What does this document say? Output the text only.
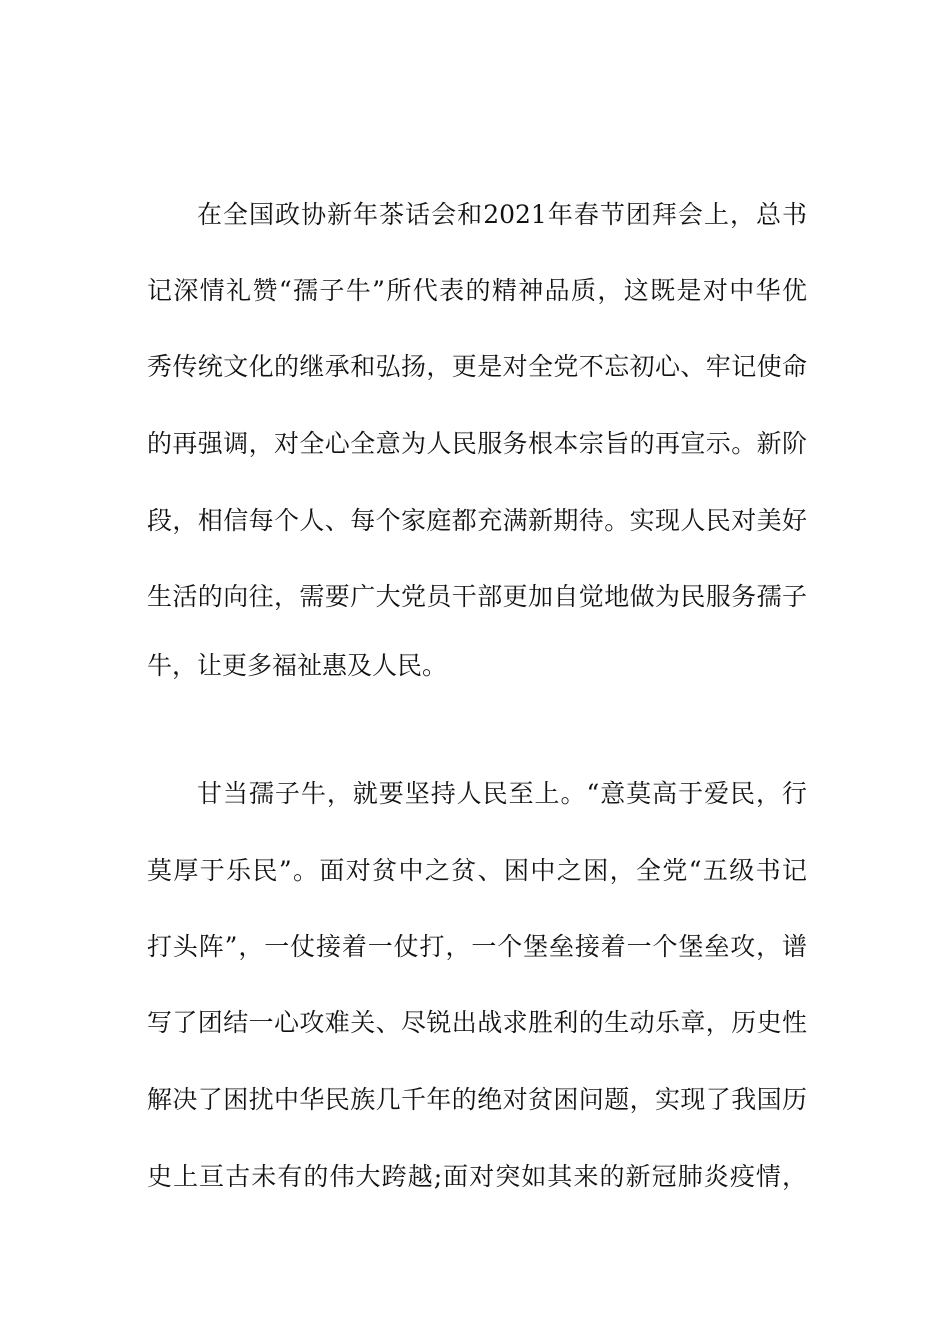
在全国政协新年茶话会和2021年春节团拜会上，总书
记深情礼赞“孺子牛”所代表的精神品质，这既是对中华优
秀传统文化的继承和弘扬，更是对全党不忘初心、牢记使命
的再强调，对全心全意为人民服务根本宗旨的再宣示。新阶
段，相信每个人、每个家庭都充满新期待。实现人民对美好
生活的向往，需要广大党员干部更加自觉地做为民服务孺子
牛，让更多福祉惠及人民。
甘当孺子牛，就要坚持人民至上。“意莫高于爱民，行
莫厚于乐民”。面对贫中之贫、困中之困，全党“五级书记
打头阵”，一仗接着一仗打，一个堡垒接着一个堡垒攻，谱
写了团结一心攻难关、尽锐出战求胜利的生动乐章，历史性
解决了困扰中华民族几千年的绝对贫困问题，实现了我国历
史上亘古未有的伟大跨越;面对突如其来的新冠肺炎疫情，
